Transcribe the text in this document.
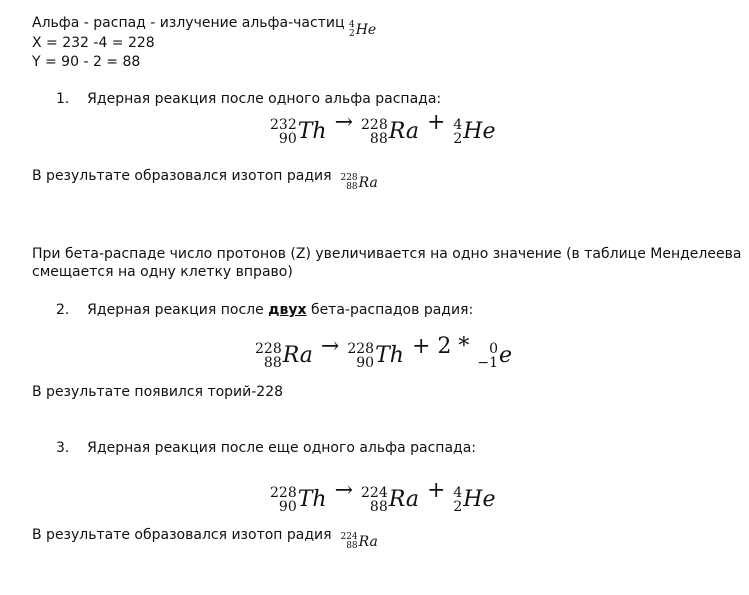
Альфа - распад - излучение альфа-частиц 4
2 He
X = 232 -4 = 228
Y = 90 - 2 = 88
1. Ядерная реакция после одного альфа распада:
232
90 Th → 228
88 Ra + 4
2 He
В результате образовался изотоп радия 228
88 Ra
При бета-распаде число протонов (Z) увеличивается на одно значение (в таблице Менделеева смещается на одну клетку вправо)
2. Ядерная реакция после двух бета-распадов радия:
228
88 Ra → 228
90 Th + 2 * 0
−1 e
В результате появился торий-228
3. Ядерная реакция после еще одного альфа распада:
228
90 Th → 224
88 Ra + 4
2 He
В результате образовался изотоп радия 224
88 Ra
